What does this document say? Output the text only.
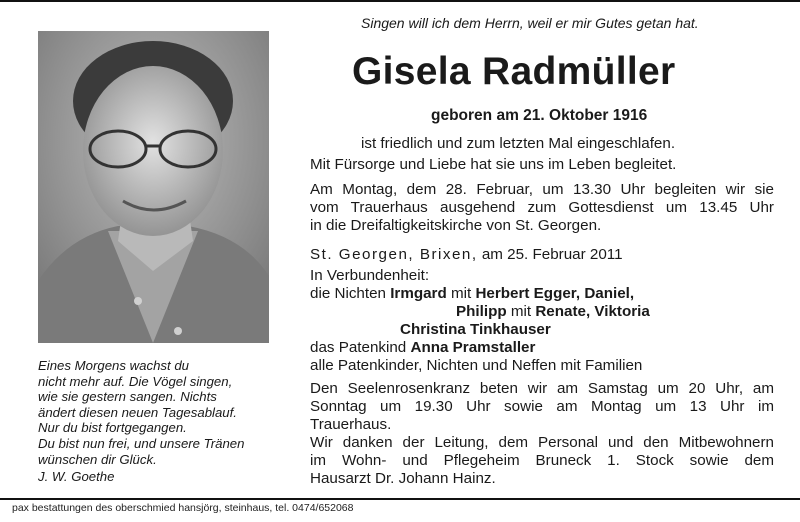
Eines Morgens wachst du
nicht mehr auf. Die Vögel singen,
wie sie gestern sangen. Nichts
ändert diesen neuen Tagesablauf.
Nur du bist fortgegangen.
Du bist nun frei, und unsere Tränen
wünschen dir Glück.
J. W. Goethe
Singen will ich dem Herrn, weil er mir Gutes getan hat.
Gisela Radmüller
geboren am 21. Oktober 1916
ist friedlich und zum letzten Mal eingeschlafen.
Mit Fürsorge und Liebe hat sie uns im Leben begleitet.
Am Montag, dem 28. Februar, um 13.30 Uhr begleiten wir sie
vom Trauerhaus ausgehend zum Gottesdienst um 13.45 Uhr
in die Dreifaltigkeitskirche von St. Georgen.
St. Georgen, Brixen, am 25. Februar 2011
In Verbundenheit:
die Nichten Irmgard mit Herbert Egger, Daniel,
Philipp mit Renate, Viktoria
Christina Tinkhauser
das Patenkind Anna Pramstaller
alle Patenkinder, Nichten und Neffen mit Familien
Den Seelenrosenkranz beten wir am Samstag um 20 Uhr, am
Sonntag um 19.30 Uhr sowie am Montag um 13 Uhr im
Trauerhaus.
Wir danken der Leitung, dem Personal und den Mitbewohnern
im Wohn- und Pflegeheim Bruneck 1. Stock sowie dem
Hausarzt Dr. Johann Hainz.
pax bestattungen des oberschmied hansjörg, steinhaus, tel. 0474/652068
